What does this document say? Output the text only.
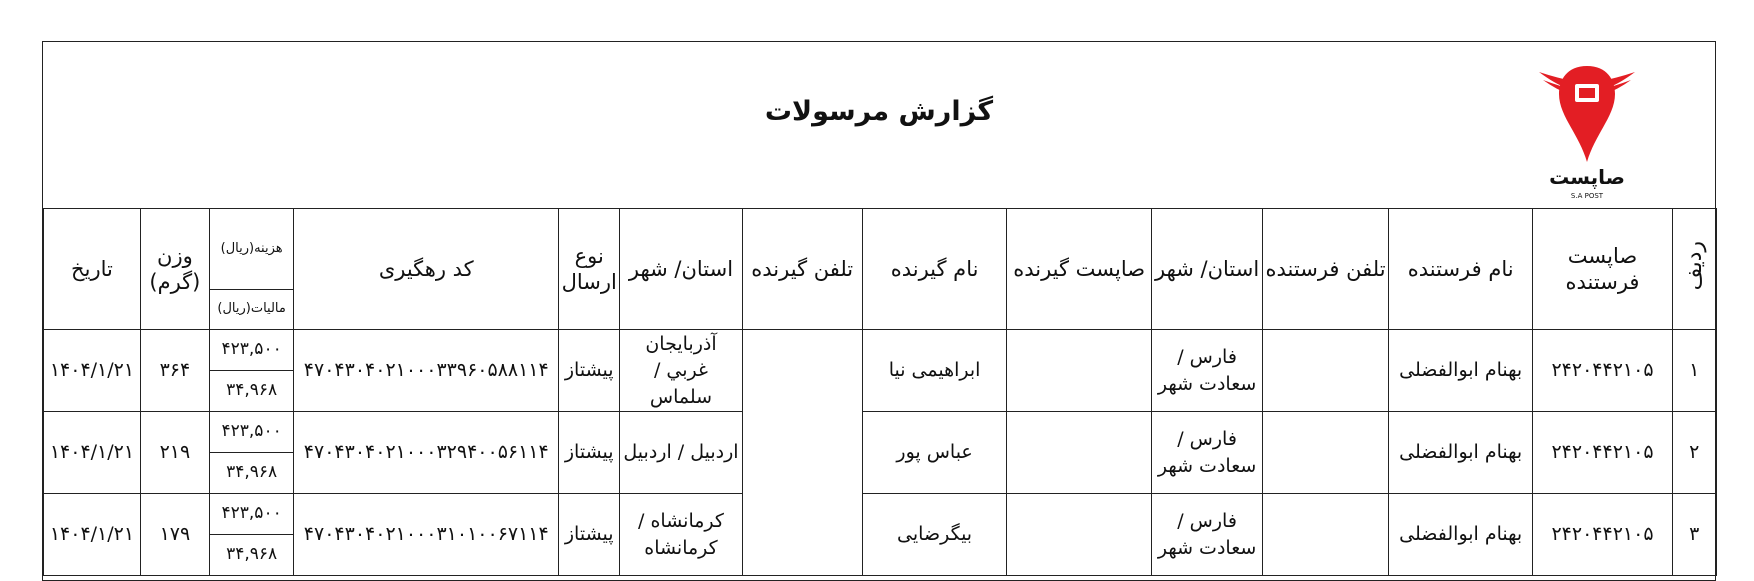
گزارش مرسولات
صاپست
S.A POST
ردیف	صاپست فرستنده	نام فرستنده	تلفن فرستنده	استان/ شهر	صاپست گیرنده	نام گیرنده	تلفن گیرنده	استان/ شهر	نوع ارسال	کد رهگیری	هزینه(ریال)	وزن (گرم)	تاریخ
											مالیات(ریال)		
۱	۲۴۲۰۴۴۲۱۰۵	بهنام ابوالفضلی		فارس / سعادت شهر		ابراهیمی نیا		آذربایجان غربي / سلماس	پیشتاز	۴۷۰۴۳۰۴۰۲۱۰۰۰۳۳۹۶۰۵۸۸۱۱۴	۴۲۳,۵۰۰	۳۶۴	۱۴۰۴/۱/۲۱
											۳۴,۹۶۸		
۲	۲۴۲۰۴۴۲۱۰۵	بهنام ابوالفضلی		فارس / سعادت شهر		عباس پور		اردبیل / اردبیل	پیشتاز	۴۷۰۴۳۰۴۰۲۱۰۰۰۳۲۹۴۰۰۵۶۱۱۴	۴۲۳,۵۰۰	۲۱۹	۱۴۰۴/۱/۲۱
											۳۴,۹۶۸		
۳	۲۴۲۰۴۴۲۱۰۵	بهنام ابوالفضلی		فارس / سعادت شهر		بیگرضایی		کرمانشاه / کرمانشاه	پیشتاز	۴۷۰۴۳۰۴۰۲۱۰۰۰۳۱۰۱۰۰۶۷۱۱۴	۴۲۳,۵۰۰	۱۷۹	۱۴۰۴/۱/۲۱
											۳۴,۹۶۸		
